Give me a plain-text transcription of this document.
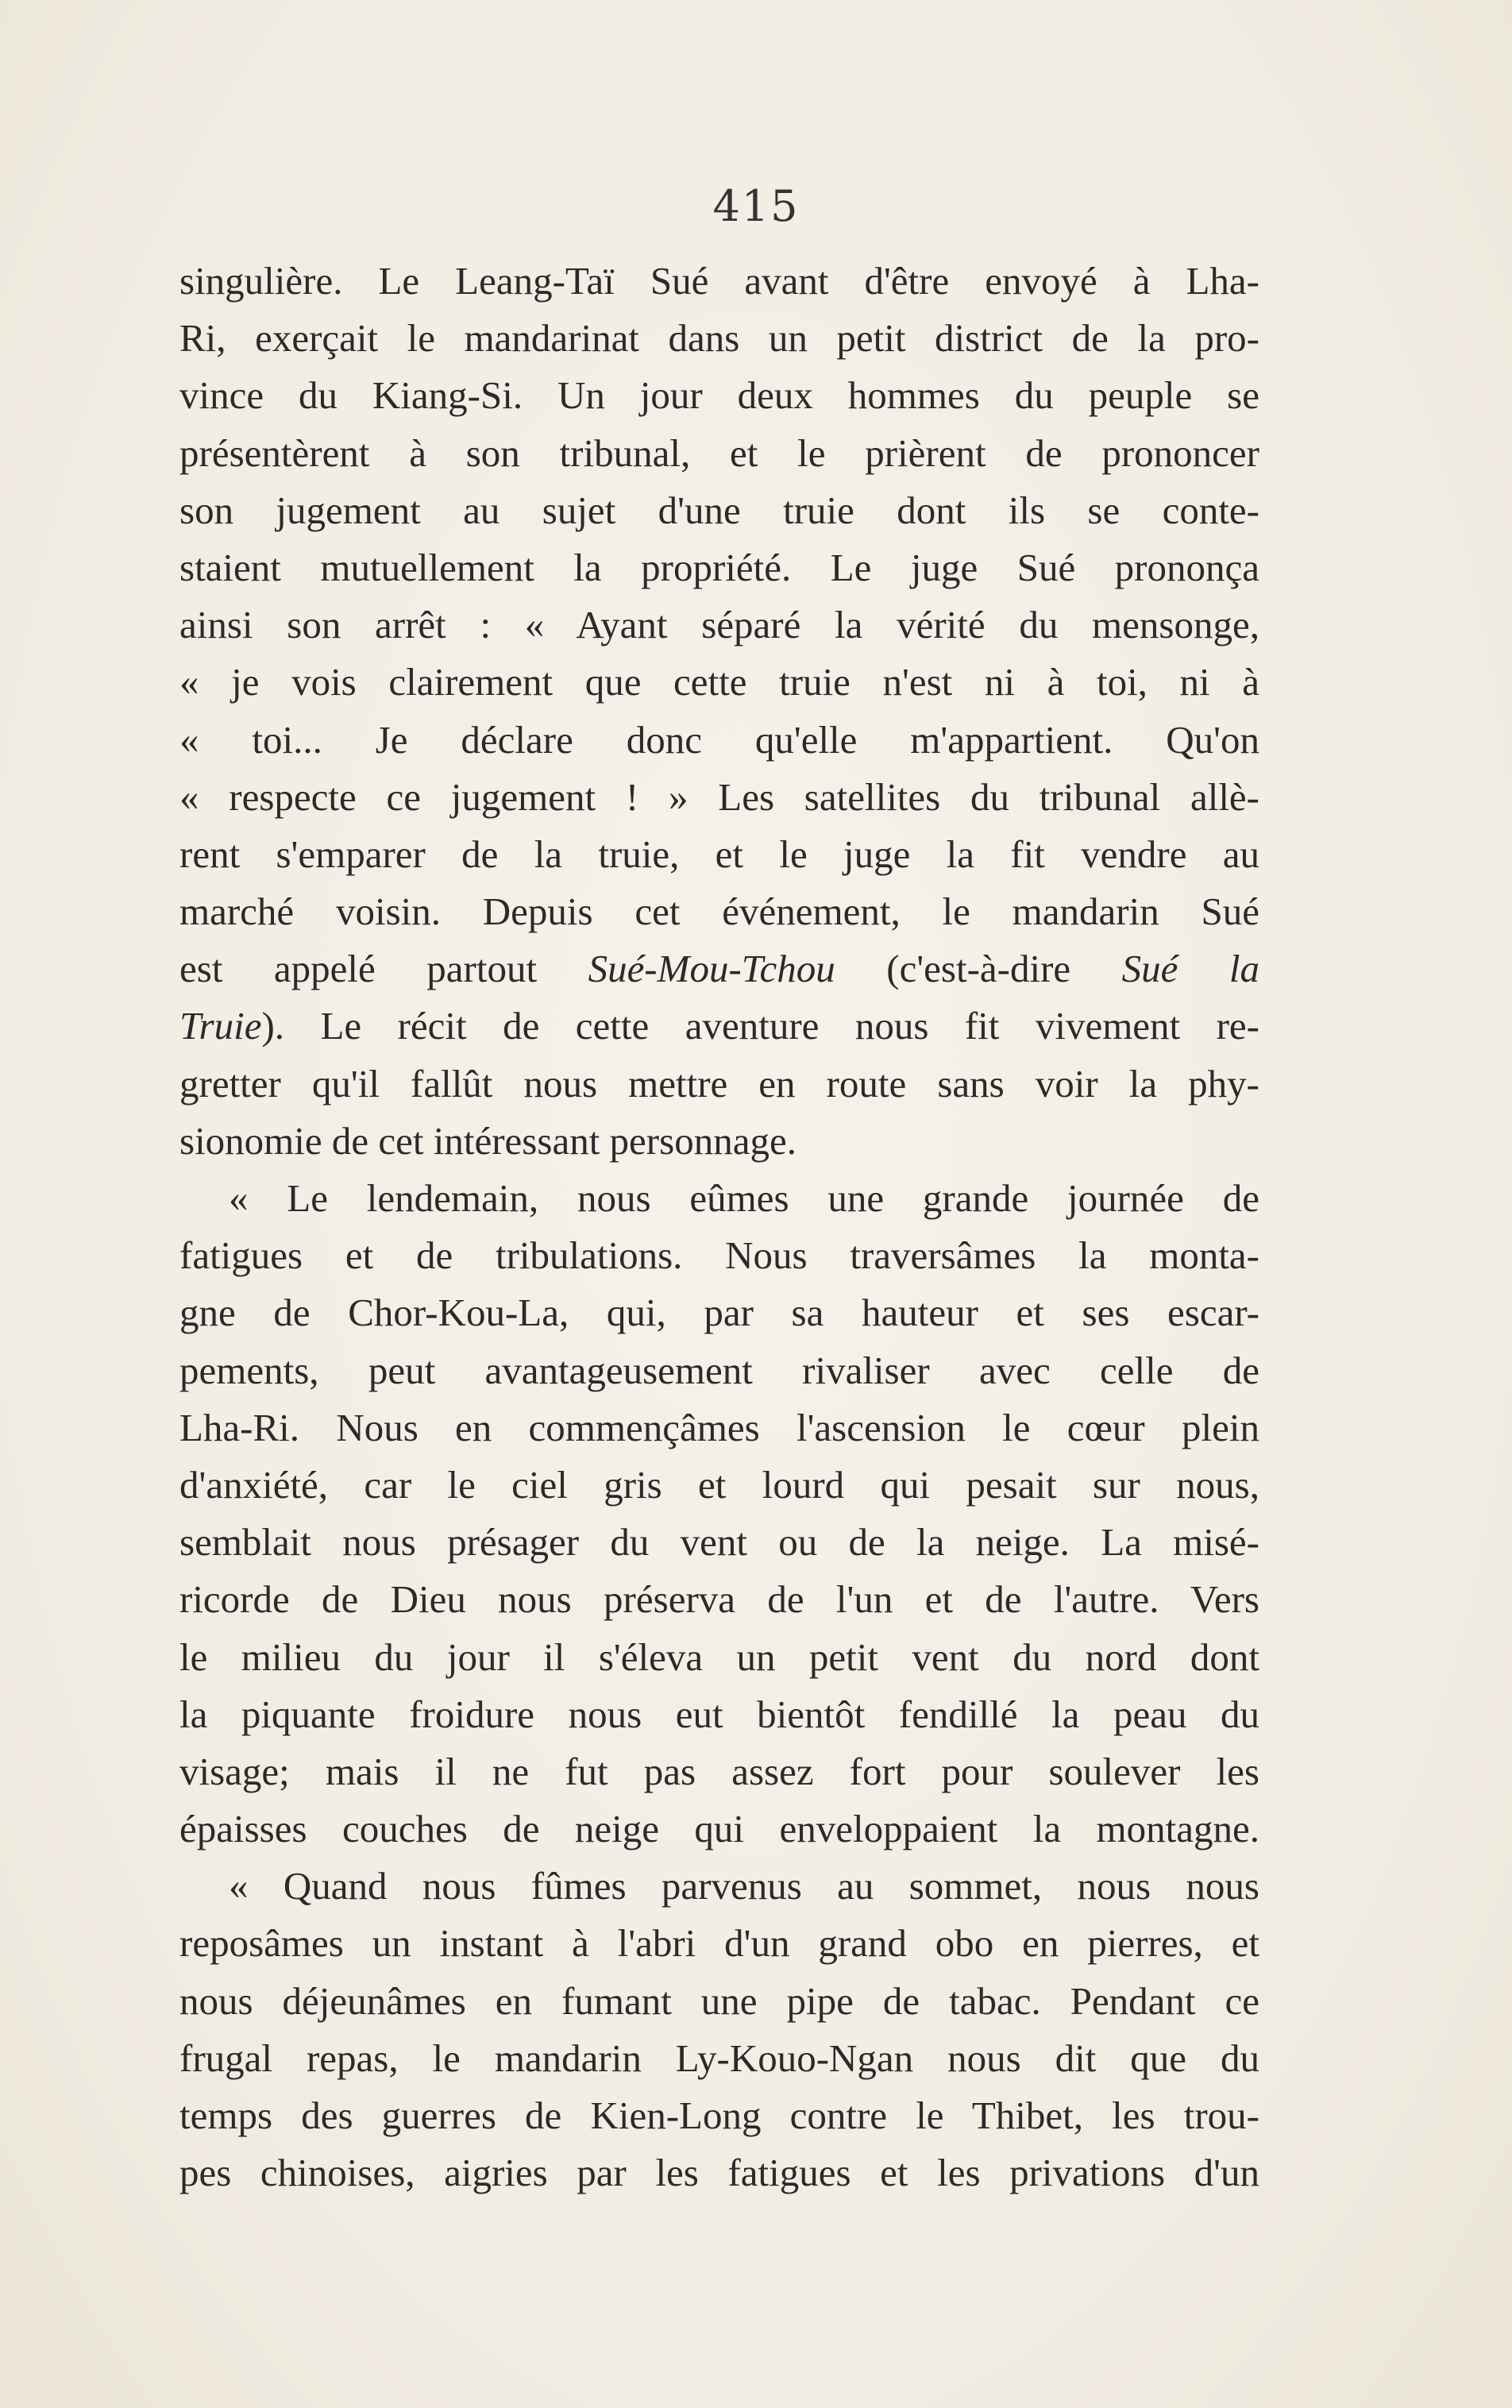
415
singulière. Le Leang-Taï Sué avant d'être envoyé à Lha-
Ri, exerçait le mandarinat dans un petit district de la pro-
vince du Kiang-Si. Un jour deux hommes du peuple se
présentèrent à son tribunal, et le prièrent de prononcer
son jugement au sujet d'une truie dont ils se conte-
staient mutuellement la propriété. Le juge Sué prononça
ainsi son arrêt : « Ayant séparé la vérité du mensonge,
« je vois clairement que cette truie n'est ni à toi, ni à
« toi... Je déclare donc qu'elle m'appartient. Qu'on
« respecte ce jugement ! » Les satellites du tribunal allè-
rent s'emparer de la truie, et le juge la fit vendre au
marché voisin. Depuis cet événement, le mandarin Sué
est appelé partout Sué-Mou-Tchou (c'est-à-dire Sué la
Truie). Le récit de cette aventure nous fit vivement re-
gretter qu'il fallût nous mettre en route sans voir la phy-
sionomie de cet intéressant personnage.
« Le lendemain, nous eûmes une grande journée de
fatigues et de tribulations. Nous traversâmes la monta-
gne de Chor-Kou-La, qui, par sa hauteur et ses escar-
pements, peut avantageusement rivaliser avec celle de
Lha-Ri. Nous en commençâmes l'ascension le cœur plein
d'anxiété, car le ciel gris et lourd qui pesait sur nous,
semblait nous présager du vent ou de la neige. La misé-
ricorde de Dieu nous préserva de l'un et de l'autre. Vers
le milieu du jour il s'éleva un petit vent du nord dont
la piquante froidure nous eut bientôt fendillé la peau du
visage; mais il ne fut pas assez fort pour soulever les
épaisses couches de neige qui enveloppaient la montagne.
« Quand nous fûmes parvenus au sommet, nous nous
reposâmes un instant à l'abri d'un grand obo en pierres, et
nous déjeunâmes en fumant une pipe de tabac. Pendant ce
frugal repas, le mandarin Ly-Kouo-Ngan nous dit que du
temps des guerres de Kien-Long contre le Thibet, les trou-
pes chinoises, aigries par les fatigues et les privations d'un
